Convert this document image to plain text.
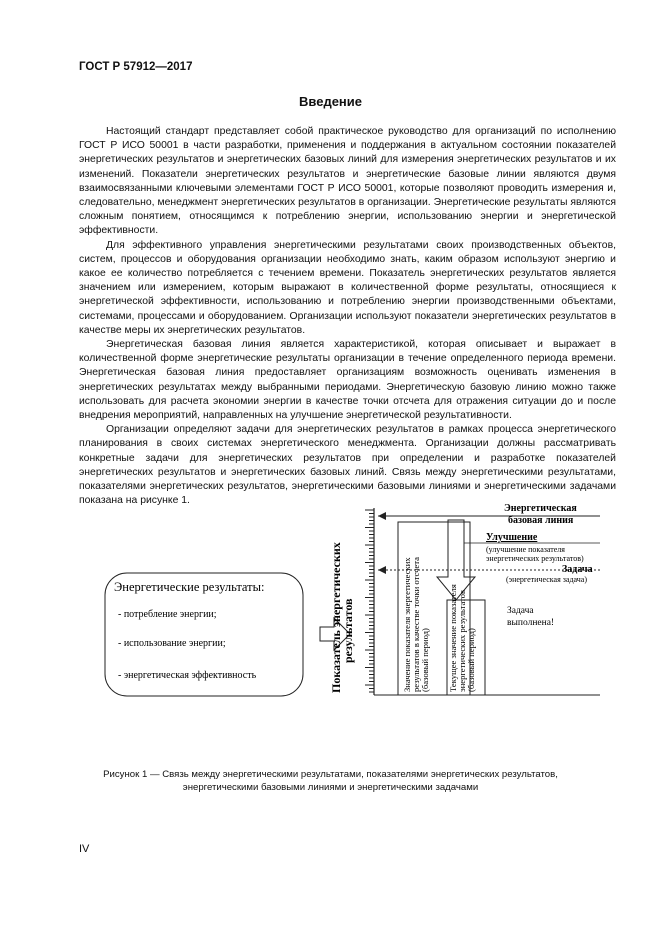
ГОСТ Р 57912—2017
Введение

Настоящий стандарт представляет собой практическое руководство для организаций по исполнению ГОСТ Р ИСО 50001 в части разработки, применения и поддержания в актуальном состоянии показателей энергетических результатов и энергетических базовых линий для измерения энергетических результатов и их изменений. Показатели энергетических результатов и энергетические базовые линии являются двумя взаимосвязанными ключевыми элементами ГОСТ Р ИСО 50001, которые позволяют проводить измерения и, следовательно, менеджмент энергетических результатов в организации. Энергетические результаты являются сложным понятием, относящимся к потреблению энергии, использованию энергии и энергетической эффективности.

Для эффективного управления энергетическими результатами своих производственных объектов, систем, процессов и оборудования организации необходимо знать, каким образом используют энергию и какое ее количество потребляется с течением времени. Показатель энергетических результатов является значением или измерением, которым выражают в количественной форме результаты, относящиеся к энергетической эффективности, использованию и потреблению энергии производственными объектами, системами, процессами и оборудованием. Организации используют показатели энергетических результатов в качестве меры их энергетических результатов.

Энергетическая базовая линия является характеристикой, которая описывает и выражает в количественной форме энергетические результаты организации в течение определенного периода времени. Энергетическая базовая линия предоставляет организациям возможность оценивать изменения в энергетических результатах между выбранными периодами. Энергетическую базовую линию можно также использовать для расчета экономии энергии в качестве точки отсчета для отражения ситуации до и после внедрения мероприятий, направленных на улучшение энергетической результативности.

Организации определяют задачи для энергетических результатов в рамках процесса энергетического планирования в своих системах энергетического менеджмента. Организации должны рассматривать конкретные задачи для энергетических результатов при определении и разработке показателей энергетических результатов и энергетических базовых линий. Связь между энергетическими результатами, показателями энергетических результатов, энергетическими базовыми линиями и энергетическими задачами показана на рисунке 1.

Энергетические результаты:
- потребление энергии;
- использование энергии;
- энергетическая эффективность	Показатель энергетических результатов
Энергетическая базовая линия
Значение показателя энергетических результатов в качестве точки отсчета (базовый период)
Улучшение
(улучшение показателя энергетических результатов)
Задача
(энергетическая задача)
Текущее значение показателя энергетических результатов (базовый период)
Задача выполнена!
Рисунок 1 — Связь между энергетическими результатами, показателями энергетических результатов,
энергетическими базовыми линиями и энергетическими задачами
IV
